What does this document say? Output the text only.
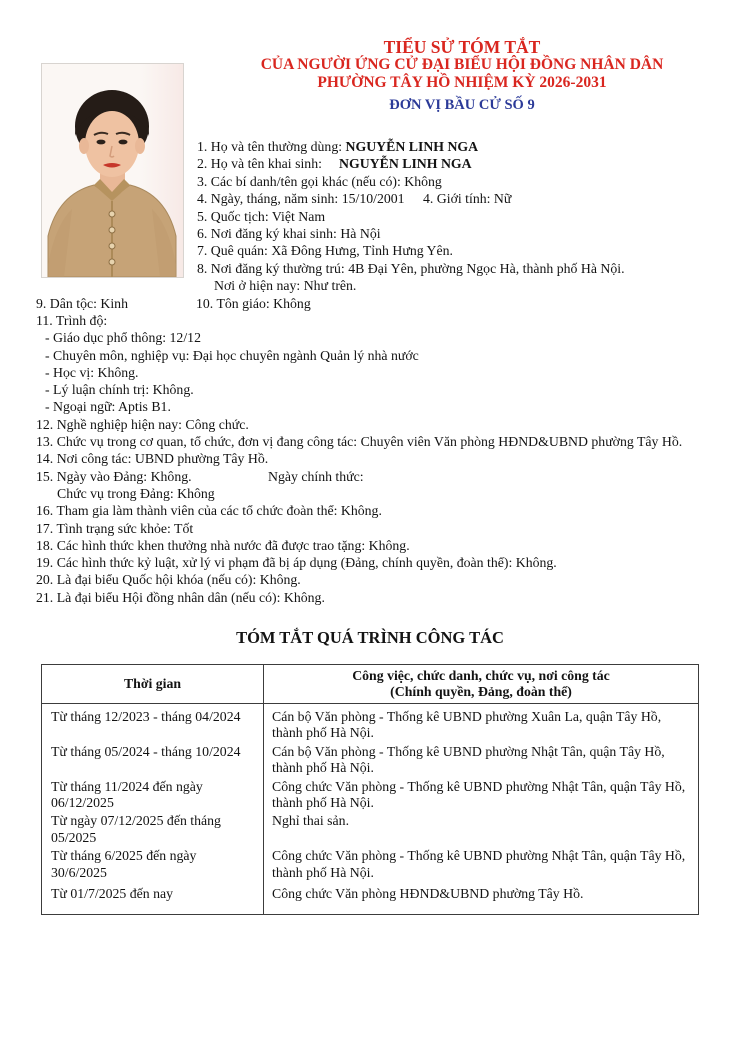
TIỂU SỬ TÓM TẮT
CỦA NGƯỜI ỨNG CỬ ĐẠI BIỂU HỘI ĐỒNG NHÂN DÂN
PHƯỜNG TÂY HỒ NHIỆM KỲ 2026-2031
ĐƠN VỊ BẦU CỬ SỐ 9
1. Họ và tên thường dùng: NGUYỄN LINH NGA
2. Họ và tên khai sinh: NGUYỄN LINH NGA
3. Các bí danh/tên gọi khác (nếu có): Không
4. Ngày, tháng, năm sinh: 15/10/2001 4. Giới tính: Nữ
5. Quốc tịch: Việt Nam
6. Nơi đăng ký khai sinh: Hà Nội
7. Quê quán: Xã Đông Hưng, Tỉnh Hưng Yên.
8. Nơi đăng ký thường trú: 4B Đại Yên, phường Ngọc Hà, thành phố Hà Nội.
Nơi ở hiện nay: Như trên.
9. Dân tộc: Kinh	10. Tôn giáo: Không
11. Trình độ:
- Giáo dục phổ thông: 12/12
- Chuyên môn, nghiệp vụ: Đại học chuyên ngành Quản lý nhà nước
- Học vị: Không.
- Lý luận chính trị: Không.
- Ngoại ngữ: Aptis B1.
12. Nghề nghiệp hiện nay: Công chức.
13. Chức vụ trong cơ quan, tổ chức, đơn vị đang công tác: Chuyên viên Văn phòng HĐND&UBND phường Tây Hồ.
14. Nơi công tác: UBND phường Tây Hồ.
15. Ngày vào Đảng: Không.	Ngày chính thức:
Chức vụ trong Đảng: Không
16. Tham gia làm thành viên của các tổ chức đoàn thể: Không.
17. Tình trạng sức khỏe: Tốt
18. Các hình thức khen thưởng nhà nước đã được trao tặng: Không.
19. Các hình thức kỷ luật, xử lý vi phạm đã bị áp dụng (Đảng, chính quyền, đoàn thể): Không.
20. Là đại biểu Quốc hội khóa (nếu có): Không.
21. Là đại biểu Hội đồng nhân dân (nếu có): Không.
TÓM TẮT QUÁ TRÌNH CÔNG TÁC
Thời gian	Công việc, chức danh, chức vụ, nơi công tác
(Chính quyền, Đảng, đoàn thể)
Từ tháng 12/2023 - tháng 04/2024	Cán bộ Văn phòng - Thống kê UBND phường Xuân La, quận Tây Hồ, thành phố Hà Nội.
Từ tháng 05/2024 - tháng 10/2024	Cán bộ Văn phòng - Thống kê UBND phường Nhật Tân, quận Tây Hồ, thành phố Hà Nội.
Từ tháng 11/2024 đến ngày 06/12/2025	Công chức Văn phòng - Thống kê UBND phường Nhật Tân, quận Tây Hồ, thành phố Hà Nội.
Từ ngày 07/12/2025 đến tháng 05/2025	Nghỉ thai sản.
Từ tháng 6/2025 đến ngày 30/6/2025	Công chức Văn phòng - Thống kê UBND phường Nhật Tân, quận Tây Hồ, thành phố Hà Nội.
Từ 01/7/2025 đến nay	Công chức Văn phòng HĐND&UBND phường Tây Hồ.
